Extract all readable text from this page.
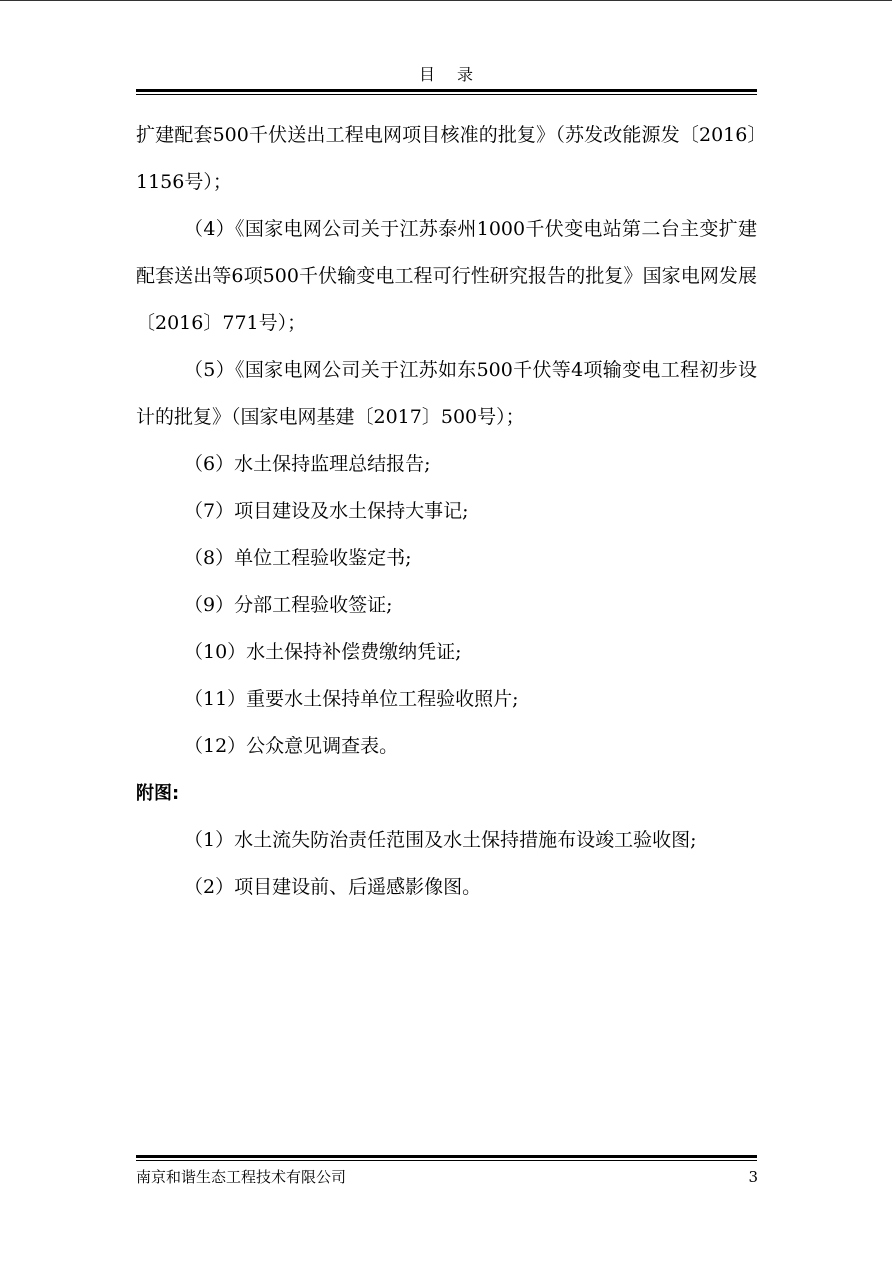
目录

扩建配套500千伏送出工程电网项目核准的批复》（苏发改能源发〔2016〕1156号）；

（4）《国家电网公司关于江苏泰州1000千伏变电站第二台主变扩建配套送出等6项500千伏输变电工程可行性研究报告的批复》国家电网发展〔2016〕771号）；

（5）《国家电网公司关于江苏如东500千伏等4项输变电工程初步设计的批复》（国家电网基建〔2017〕500号）；

（6）水土保持监理总结报告;

（7）项目建设及水土保持大事记;

（8）单位工程验收鉴定书;

（9）分部工程验收签证;

（10）水土保持补偿费缴纳凭证;

（11）重要水土保持单位工程验收照片;

（12）公众意见调查表。

附图:

（1）水土流失防治责任范围及水土保持措施布设竣工验收图;

（2）项目建设前、后遥感影像图。

南京和谐生态工程技术有限公司	3
